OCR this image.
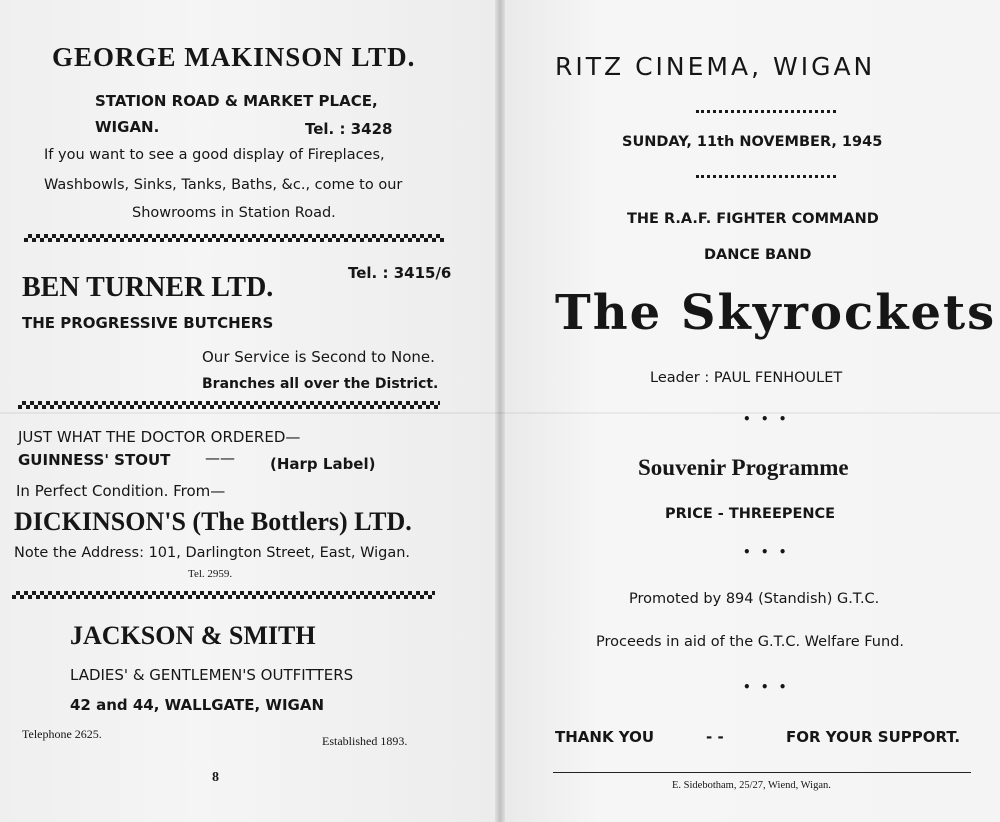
GEORGE MAKINSON LTD.
STATION ROAD & MARKET PLACE,
WIGAN.	Tel. : 3428
If you want to see a good display of Fireplaces,
Washbowls, Sinks, Tanks, Baths, &c., come to our
Showrooms in Station Road.
Tel. : 3415/6
BEN TURNER LTD.
THE PROGRESSIVE BUTCHERS
Our Service is Second to None.
Branches all over the District.
JUST WHAT THE DOCTOR ORDERED—
GUINNESS' STOUT —— (Harp Label)
In Perfect Condition. From—
DICKINSON'S (The Bottlers) LTD.
Note the Address: 101, Darlington Street, East, Wigan.
Tel. 2959.
JACKSON & SMITH
LADIES' & GENTLEMEN'S OUTFITTERS
42 and 44, WALLGATE, WIGAN
Telephone 2625.	Established 1893.
8
RITZ CINEMA, WIGAN
SUNDAY, 11th NOVEMBER, 1945
THE R.A.F. FIGHTER COMMAND
DANCE BAND
The Skyrockets
Leader : PAUL FENHOULET
• • •
Souvenir Programme
PRICE - THREEPENCE
• • •
Promoted by 894 (Standish) G.T.C.
Proceeds in aid of the G.T.C. Welfare Fund.
• • •
THANK YOU	- -	FOR YOUR SUPPORT.
E. Sidebotham, 25/27, Wiend, Wigan.
